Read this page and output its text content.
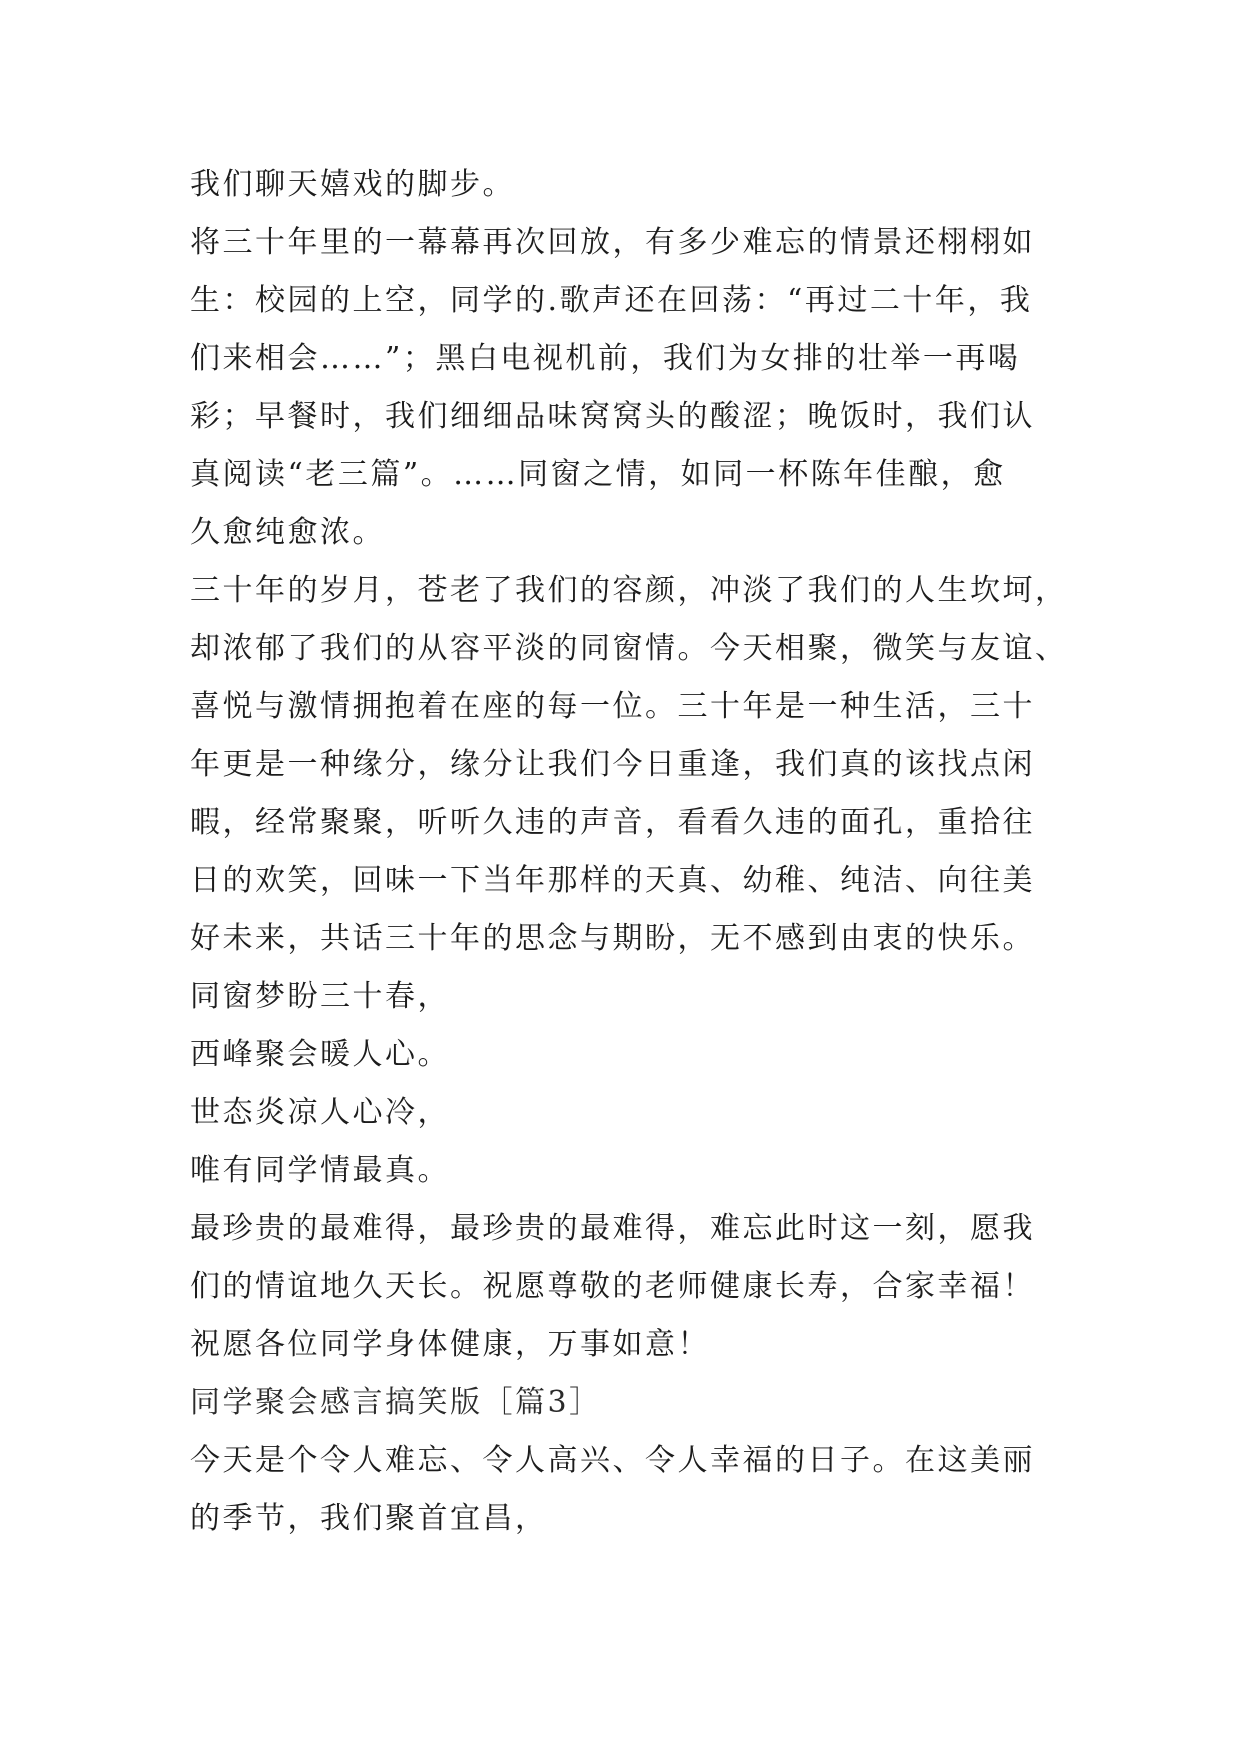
我们聊天嬉戏的脚步。
将三十年里的一幕幕再次回放，有多少难忘的情景还栩栩如
生：校园的上空，同学的.歌声还在回荡：“再过二十年，我
们来相会……”；黑白电视机前，我们为女排的壮举一再喝
彩；早餐时，我们细细品味窝窝头的酸涩；晚饭时，我们认
真阅读“老三篇”。……同窗之情，如同一杯陈年佳酿，愈
久愈纯愈浓。
三十年的岁月，苍老了我们的容颜，冲淡了我们的人生坎坷，
却浓郁了我们的从容平淡的同窗情。今天相聚，微笑与友谊、
喜悦与激情拥抱着在座的每一位。三十年是一种生活，三十
年更是一种缘分，缘分让我们今日重逢，我们真的该找点闲
暇，经常聚聚，听听久违的声音，看看久违的面孔，重拾往
日的欢笑，回味一下当年那样的天真、幼稚、纯洁、向往美
好未来，共话三十年的思念与期盼，无不感到由衷的快乐。
同窗梦盼三十春，
西峰聚会暖人心。
世态炎凉人心冷，
唯有同学情最真。
最珍贵的最难得，最珍贵的最难得，难忘此时这一刻，愿我
们的情谊地久天长。祝愿尊敬的老师健康长寿，合家幸福！
祝愿各位同学身体健康，万事如意！
同学聚会感言搞笑版［篇3］
今天是个令人难忘、令人高兴、令人幸福的日子。在这美丽
的季节，我们聚首宜昌，
